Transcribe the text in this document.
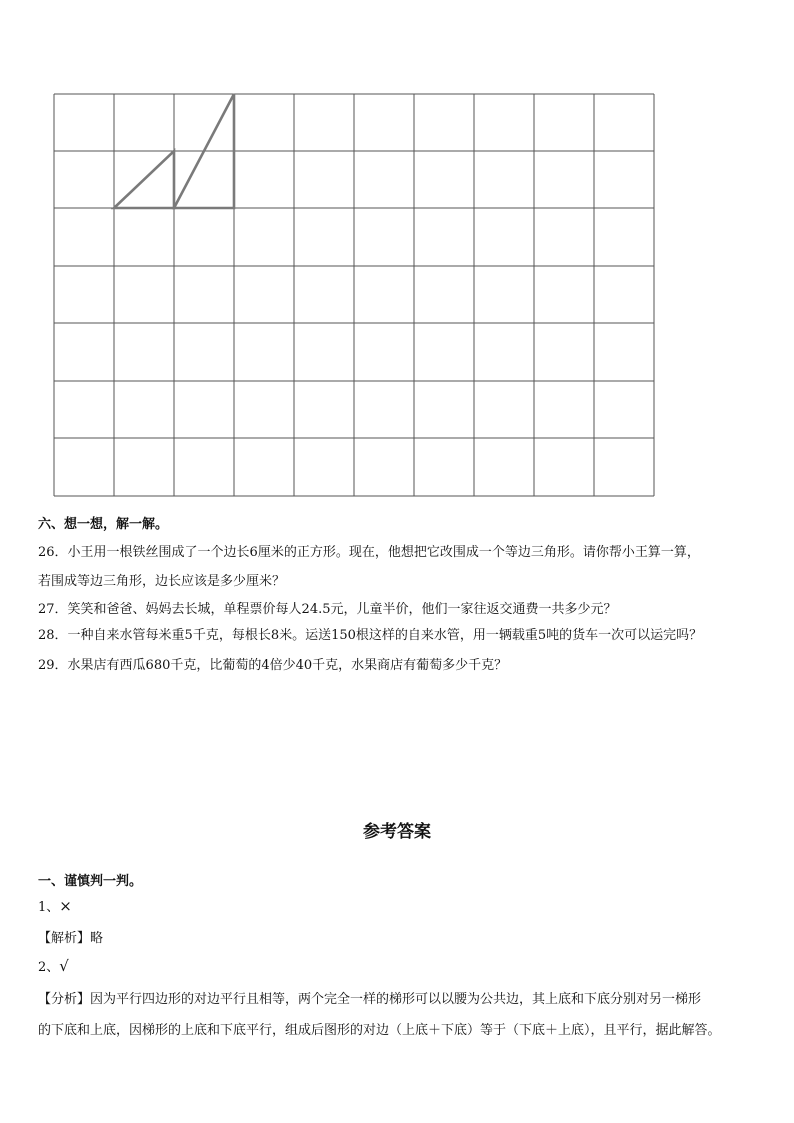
六、想一想，解一解。
26．小王用一根铁丝围成了一个边长6厘米的正方形。现在，他想把它改围成一个等边三角形。请你帮小王算一算，
若围成等边三角形，边长应该是多少厘米？
27．笑笑和爸爸、妈妈去长城，单程票价每人24.5元，儿童半价，他们一家往返交通费一共多少元？
28．一种自来水管每米重5千克，每根长8米。运送150根这样的自来水管，用一辆载重5吨的货车一次可以运完吗？
29．水果店有西瓜680千克，比葡萄的4倍少40千克，水果商店有葡萄多少千克？
参考答案
一、谨慎判一判。
1、×
【解析】略
2、√
【分析】因为平行四边形的对边平行且相等，两个完全一样的梯形可以以腰为公共边，其上底和下底分别对另一梯形
的下底和上底，因梯形的上底和下底平行，组成后图形的对边（上底＋下底）等于（下底＋上底），且平行，据此解答。
